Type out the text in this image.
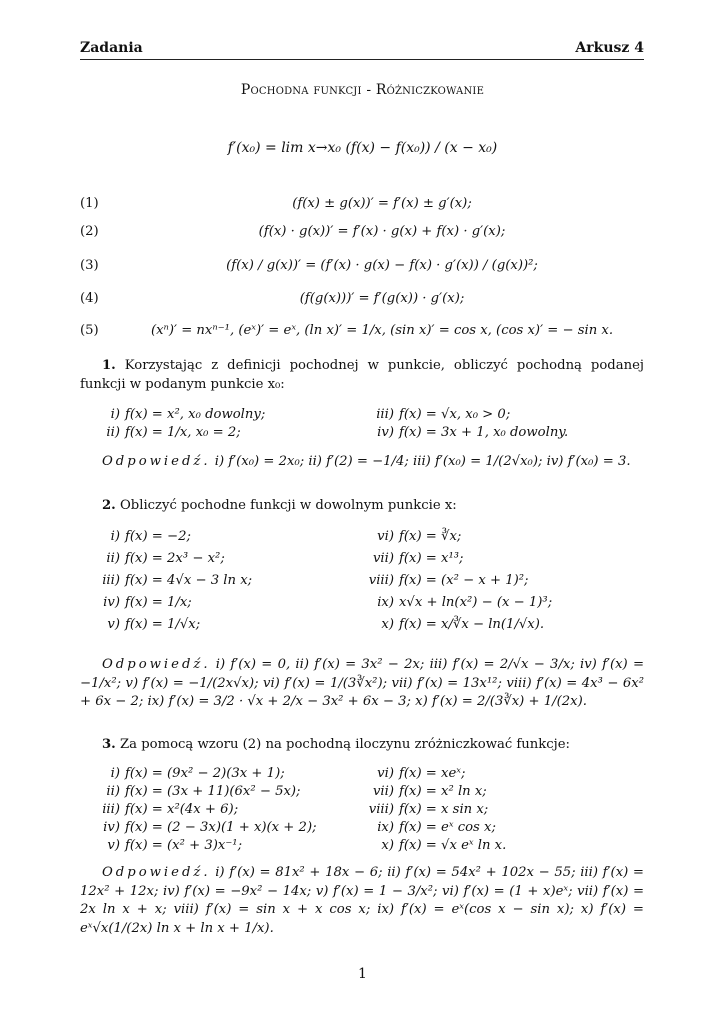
Zadania	Arkusz 4
Pochodna funkcji - Różniczkowanie
f′(x₀) = lim x→x₀ (f(x) − f(x₀)) / (x − x₀)
(1)	(f(x) ± g(x))′ = f′(x) ± g′(x);
(2)	(f(x) · g(x))′ = f′(x) · g(x) + f(x) · g′(x);
(3)	(f(x) / g(x))′ = (f′(x) · g(x) − f(x) · g′(x)) / (g(x))²;
(4)	(f(g(x)))′ = f′(g(x)) · g′(x);
(5)	(xⁿ)′ = nxⁿ⁻¹, (eˣ)′ = eˣ, (ln x)′ = 1/x, (sin x)′ = cos x, (cos x)′ = − sin x.
1. Korzystając z definicji pochodnej w punkcie, obliczyć pochodną podanej funkcji w podanym punkcie x₀:
i) f(x) = x², x₀ dowolny;
ii) f(x) = 1/x, x₀ = 2;
iii) f(x) = √x, x₀ > 0;
iv) f(x) = 3x + 1, x₀ dowolny.
Odpowiedź. i) f′(x₀) = 2x₀; ii) f′(2) = −1/4; iii) f′(x₀) = 1/(2√x₀); iv) f′(x₀) = 3.
2. Obliczyć pochodne funkcji w dowolnym punkcie x:
i) f(x) = −2;
ii) f(x) = 2x³ − x²;
iii) f(x) = 4√x − 3 ln x;
iv) f(x) = 1/x;
v) f(x) = 1/√x;
vi) f(x) = ∛x;
vii) f(x) = x¹³;
viii) f(x) = (x² − x + 1)²;
ix) x√x + ln(x²) − (x − 1)³;
x) f(x) = x/∛x − ln(1/√x).
Odpowiedź. i) f′(x) = 0, ii) f′(x) = 3x² − 2x; iii) f′(x) = 2/√x − 3/x; iv) f′(x) = −1/x²; v) f′(x) = −1/(2x√x); vi) f′(x) = 1/(3∛x²); vii) f′(x) = 13x¹²; viii) f′(x) = 4x³ − 6x² + 6x − 2; ix) f′(x) = 3/2 · √x + 2/x − 3x² + 6x − 3; x) f′(x) = 2/(3∛x) + 1/(2x).
3. Za pomocą wzoru (2) na pochodną iloczynu zróżniczkować funkcje:
i) f(x) = (9x² − 2)(3x + 1);
ii) f(x) = (3x + 11)(6x² − 5x);
iii) f(x) = x²(4x + 6);
iv) f(x) = (2 − 3x)(1 + x)(x + 2);
v) f(x) = (x² + 3)x⁻¹;
vi) f(x) = xeˣ;
vii) f(x) = x² ln x;
viii) f(x) = x sin x;
ix) f(x) = eˣ cos x;
x) f(x) = √x eˣ ln x.
Odpowiedź. i) f′(x) = 81x² + 18x − 6; ii) f′(x) = 54x² + 102x − 55; iii) f′(x) = 12x² + 12x; iv) f′(x) = −9x² − 14x; v) f′(x) = 1 − 3/x²; vi) f′(x) = (1 + x)eˣ; vii) f′(x) = 2x ln x + x; viii) f′(x) = sin x + x cos x; ix) f′(x) = eˣ(cos x − sin x); x) f′(x) = eˣ√x(1/(2x) ln x + ln x + 1/x).
1
